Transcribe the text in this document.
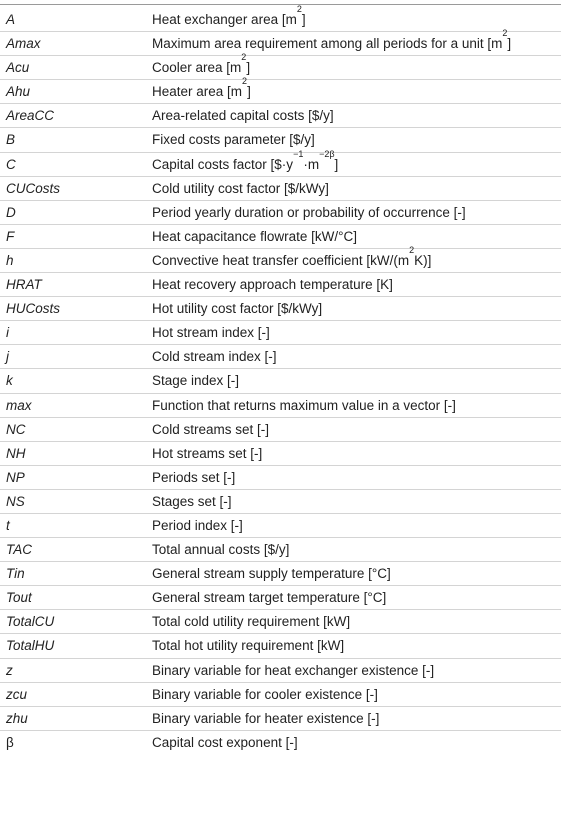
A	Heat exchanger area $[m^2]$
Amax	Maximum area requirement among all periods for a unit $[m^2]$
Acu	Cooler area $[m^2]$
Ahu	Heater area $[m^2]$
AreaCC	Area-related capital costs [$/y]
B	Fixed costs parameter [$/y]
C	Capital costs factor $[\$\cdot y^{-1}\cdot m^{-2\beta}]$
CUCosts	Cold utility cost factor [$/kWy]
D	Period yearly duration or probability of occurrence [-]
F	Heat capacitance flowrate [kW/°C]
h	Convective heat transfer coefficient $[kW/(m^2K)]$
HRAT	Heat recovery approach temperature [K]
HUCosts	Hot utility cost factor [$/kWy]
i	Hot stream index [-]
j	Cold stream index [-]
k	Stage index [-]
max	Function that returns maximum value in a vector [-]
NC	Cold streams set [-]
NH	Hot streams set [-]
NP	Periods set [-]
NS	Stages set [-]
t	Period index [-]
TAC	Total annual costs [$/y]
Tin	General stream supply temperature [°C]
Tout	General stream target temperature [°C]
TotalCU	Total cold utility requirement [kW]
TotalHU	Total hot utility requirement [kW]
z	Binary variable for heat exchanger existence [-]
zcu	Binary variable for cooler existence [-]
zhu	Binary variable for heater existence [-]
β	Capital cost exponent [-]
